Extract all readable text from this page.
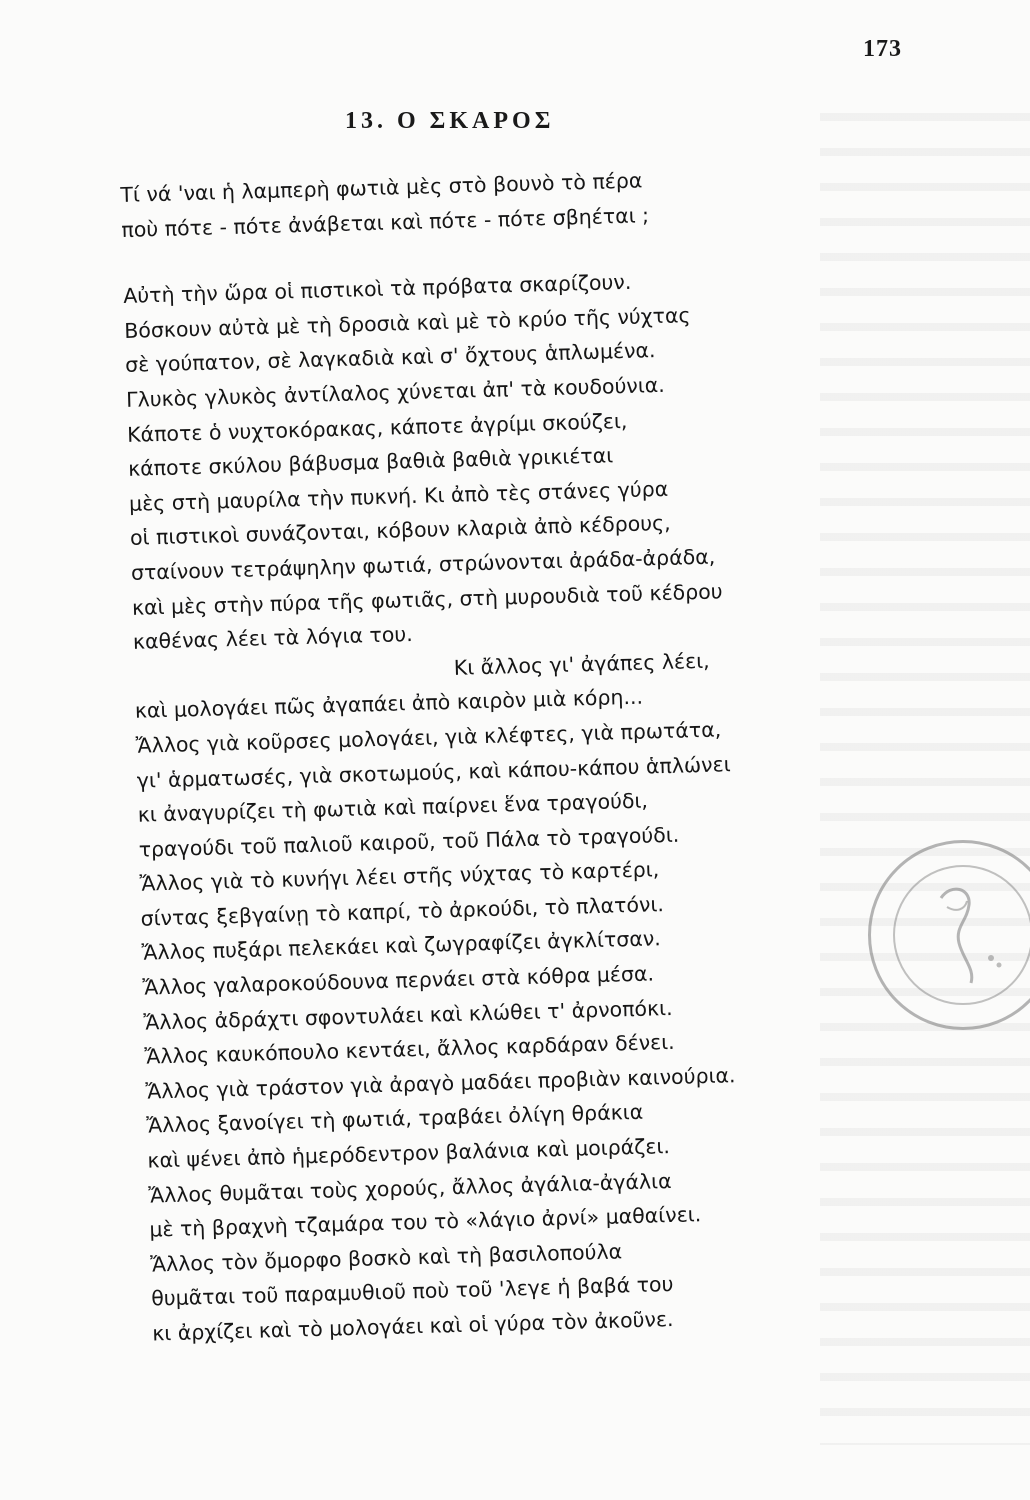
173
13. Ο ΣΚΑΡΟΣ
Τί νά 'ναι ἡ λαμπερὴ φωτιὰ μὲς στὸ βουνὸ τὸ πέρα
ποὺ πότε - πότε ἀνάβεται καὶ πότε - πότε σβηέται ;
Αὐτὴ τὴν ὥρα οἱ πιστικοὶ τὰ πρόβατα σκαρίζουν.
Βόσκουν αὐτὰ μὲ τὴ δροσιὰ καὶ μὲ τὸ κρύο τῆς νύχτας
σὲ γούπατον, σὲ λαγκαδιὰ καὶ σ' ὄχτους ἁπλωμένα.
Γλυκὸς γλυκὸς ἀντίλαλος χύνεται ἀπ' τὰ κουδούνια.
Κάποτε ὁ νυχτοκόρακας, κάποτε ἀγρίμι σκούζει,
κάποτε σκύλου βάβυσμα βαθιὰ βαθιὰ γρικιέται
μὲς στὴ μαυρίλα τὴν πυκνή. Κι ἀπὸ τὲς στάνες γύρα
οἱ πιστικοὶ συνάζονται, κόβουν κλαριὰ ἀπὸ κέδρους,
σταίνουν τετράψηλην φωτιά, στρώνονται ἀράδα-ἀράδα,
καὶ μὲς στὴν πύρα τῆς φωτιᾶς, στὴ μυρουδιὰ τοῦ κέδρου
καθένας λέει τὰ λόγια του.
Κι ἄλλος γι' ἀγάπες λέει,
καὶ μολογάει πῶς ἀγαπάει ἀπὸ καιρὸν μιὰ κόρη...
Ἄλλος γιὰ κοῦρσες μολογάει, γιὰ κλέφτες, γιὰ πρωτάτα,
γι' ἁρματωσές, γιὰ σκοτωμούς, καὶ κάπου-κάπου ἁπλώνει
κι ἀναγυρίζει τὴ φωτιὰ καὶ παίρνει ἕνα τραγούδι,
τραγούδι τοῦ παλιοῦ καιροῦ, τοῦ Πάλα τὸ τραγούδι.
Ἄλλος γιὰ τὸ κυνήγι λέει στῆς νύχτας τὸ καρτέρι,
σίντας ξεβγαίνῃ τὸ καπρί, τὸ ἀρκούδι, τὸ πλατόνι.
Ἄλλος πυξάρι πελεκάει καὶ ζωγραφίζει ἀγκλίτσαν.
Ἄλλος γαλαροκούδουνα περνάει στὰ κόθρα μέσα.
Ἄλλος ἀδράχτι σφοντυλάει καὶ κλώθει τ' ἀρνοπόκι.
Ἄλλος καυκόπουλο κεντάει, ἄλλος καρδάραν δένει.
Ἄλλος γιὰ τράστον γιὰ ἀραγὸ μαδάει προβιὰν καινούρια.
Ἄλλος ξανοίγει τὴ φωτιά, τραβάει ὀλίγη θράκια
καὶ ψένει ἀπὸ ἡμερόδεντρον βαλάνια καὶ μοιράζει.
Ἄλλος θυμᾶται τοὺς χορούς, ἄλλος ἀγάλια-ἀγάλια
μὲ τὴ βραχνὴ τζαμάρα του τὸ «λάγιο ἀρνί» μαθαίνει.
Ἄλλος τὸν ὄμορφο βοσκὸ καὶ τὴ βασιλοπούλα
θυμᾶται τοῦ παραμυθιοῦ ποὺ τοῦ 'λεγε ἡ βαβά του
κι ἀρχίζει καὶ τὸ μολογάει καὶ οἱ γύρα τὸν ἀκοῦνε.
